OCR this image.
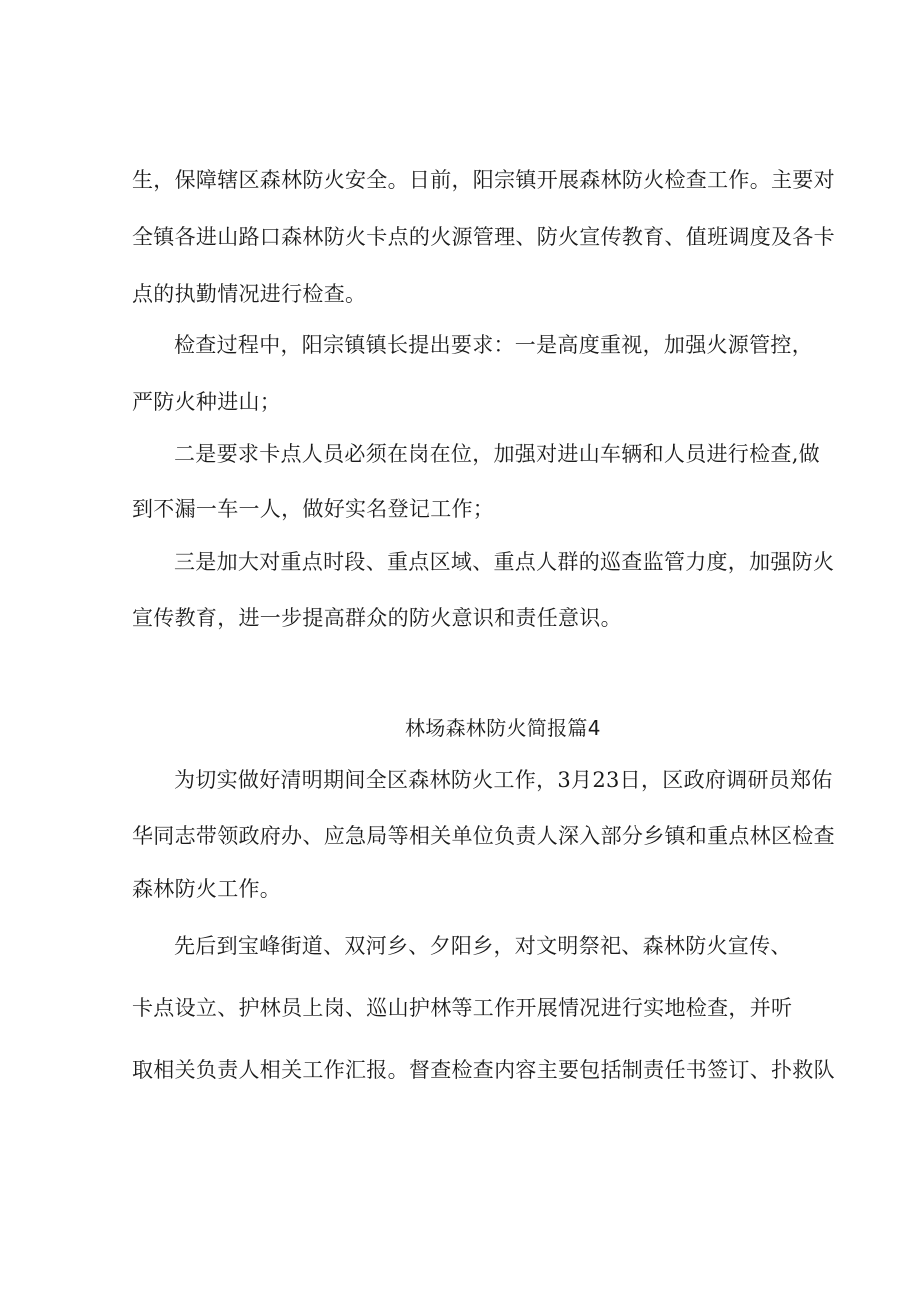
生，保障辖区森林防火安全。日前，阳宗镇开展森林防火检查工作。主要对
全镇各进山路口森林防火卡点的火源管理、防火宣传教育、值班调度及各卡
点的执勤情况进行检查。
检查过程中，阳宗镇镇长提出要求：一是高度重视，加强火源管控，
严防火种进山；
二是要求卡点人员必须在岗在位，加强对进山车辆和人员进行检查,做
到不漏一车一人，做好实名登记工作；
三是加大对重点时段、重点区域、重点人群的巡查监管力度，加强防火
宣传教育，进一步提高群众的防火意识和责任意识。
林场森林防火简报篇4
为切实做好清明期间全区森林防火工作，3月23日，区政府调研员郑佑
华同志带领政府办、应急局等相关单位负责人深入部分乡镇和重点林区检查
森林防火工作。
先后到宝峰街道、双河乡、夕阳乡，对文明祭祀、森林防火宣传、
卡点设立、护林员上岗、巡山护林等工作开展情况进行实地检查，并听
取相关负责人相关工作汇报。督查检查内容主要包括制责任书签订、扑救队
